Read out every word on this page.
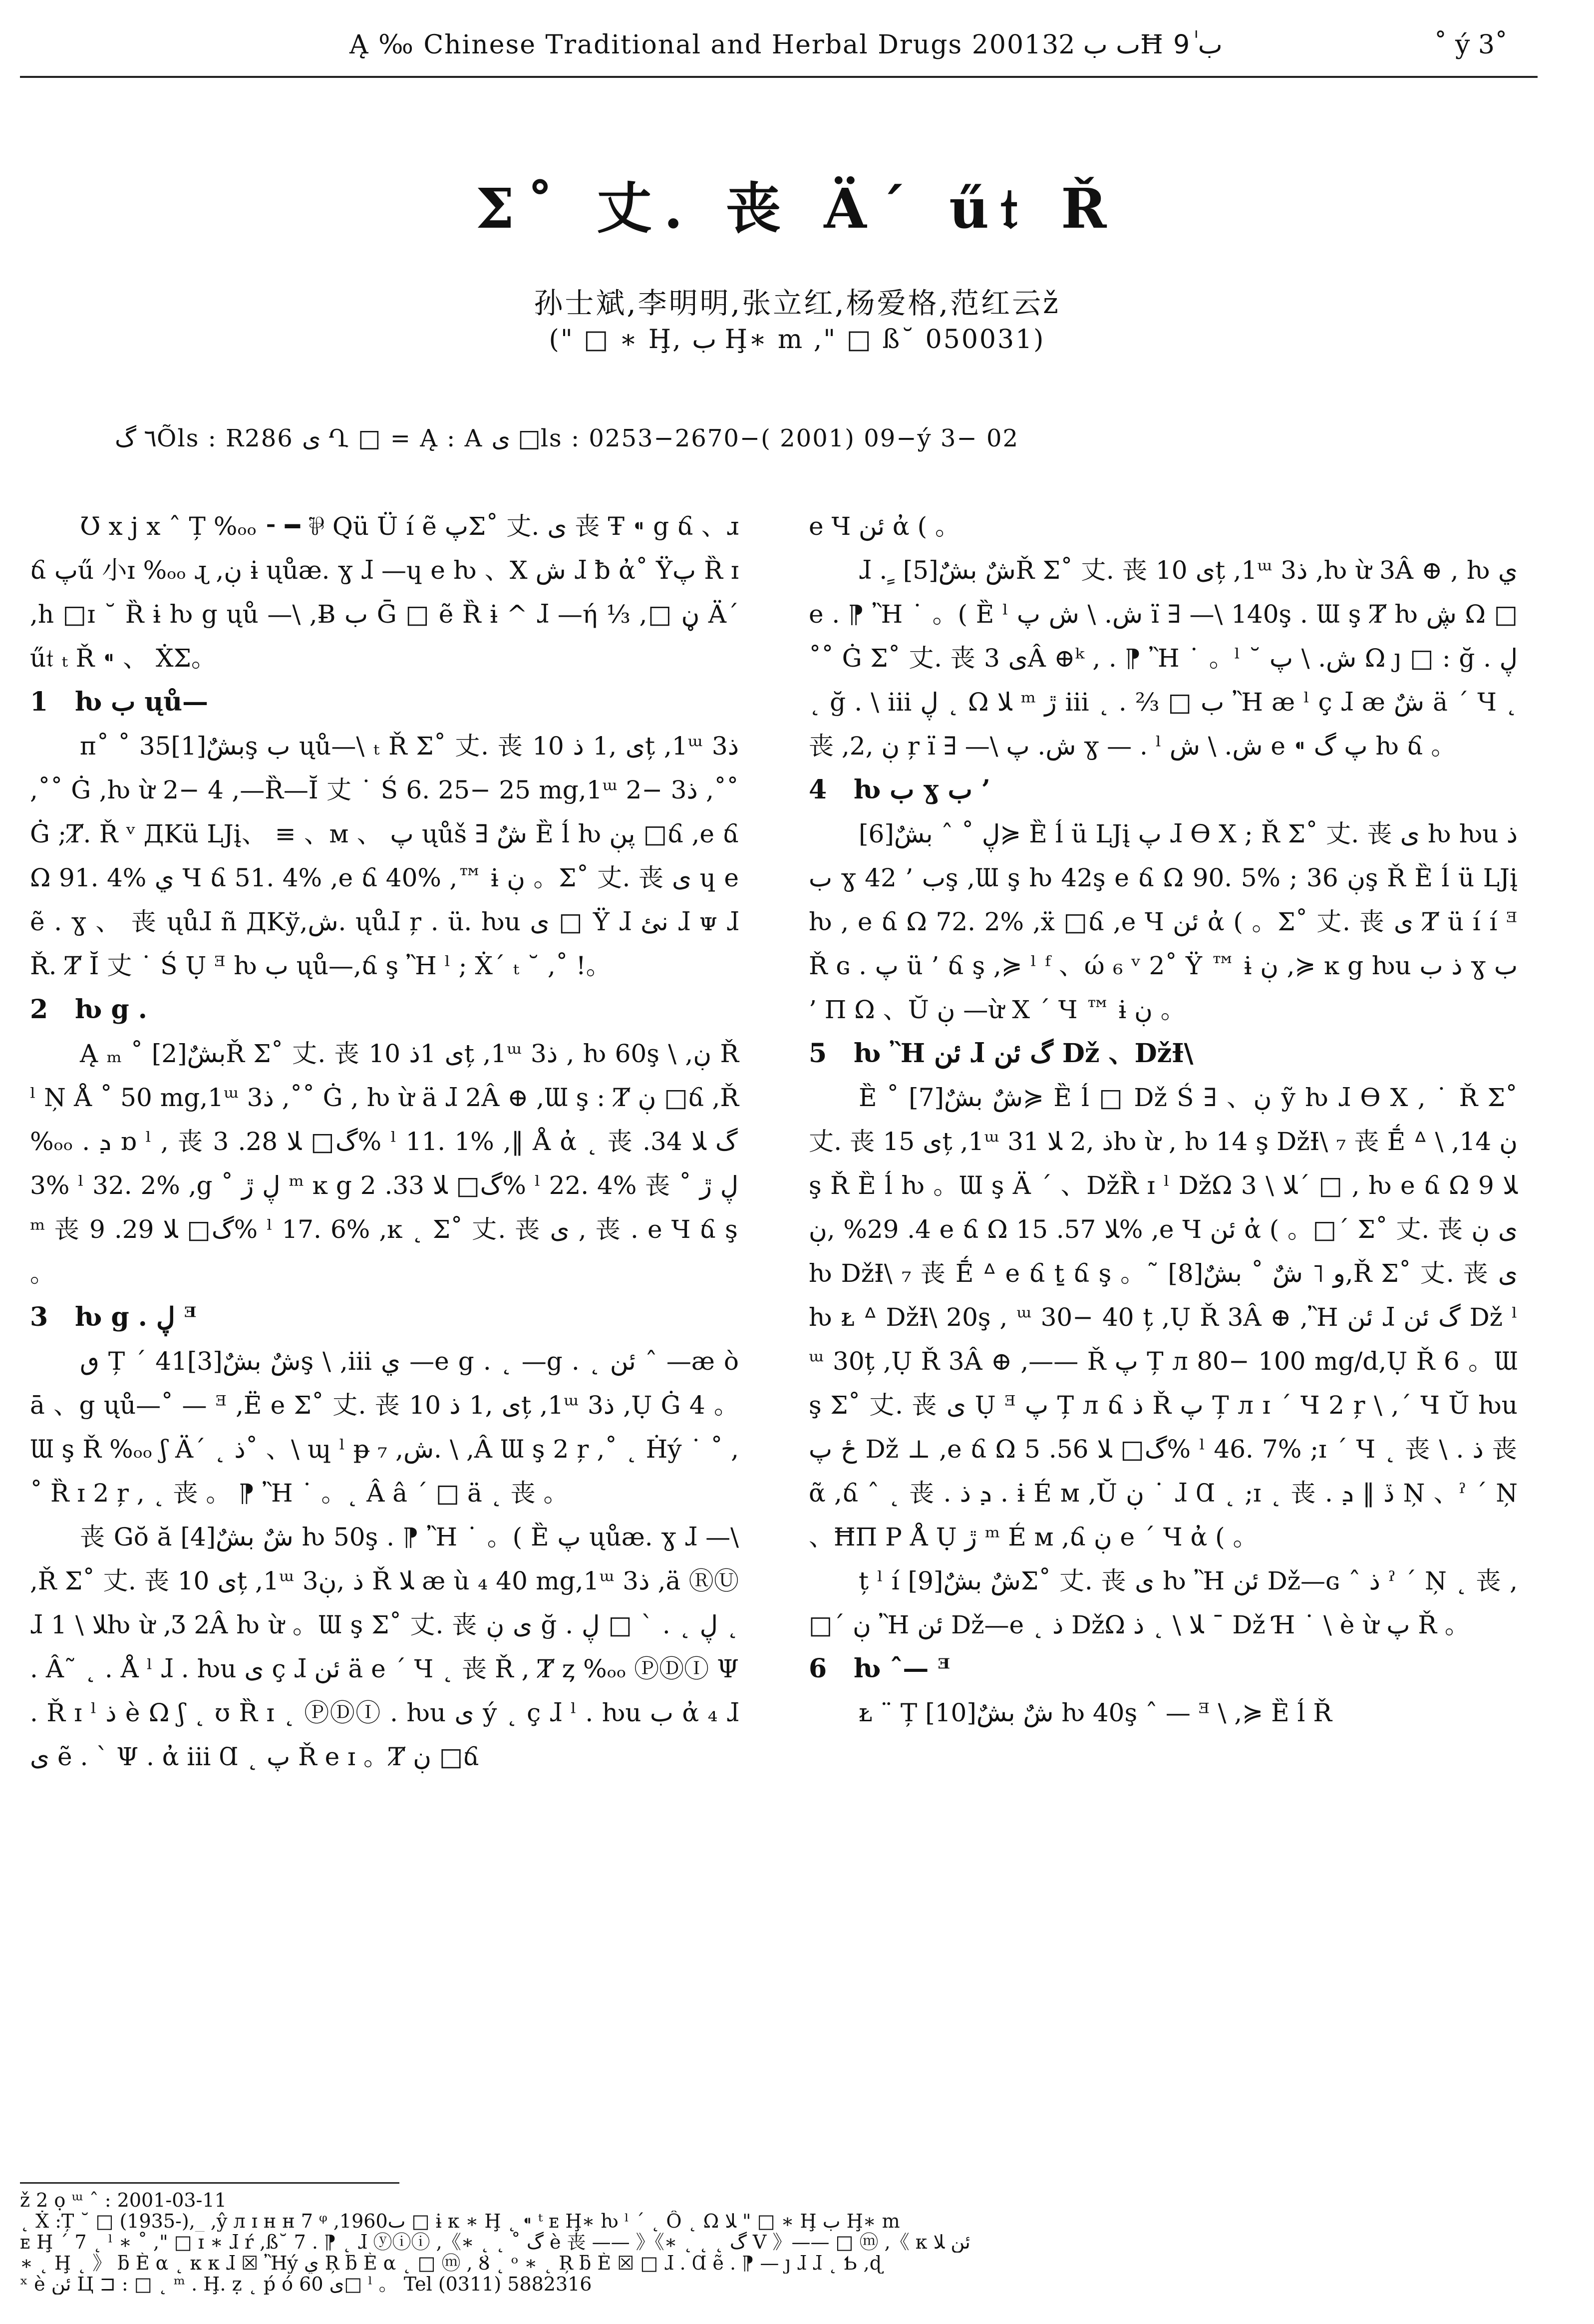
Ą ‰ Chinese Traditional and Herbal Drugs 2001ٮ ب 32Ħ ب 9ٰ	˚ ý 3˚
Σ˚ 丈. 丧 Ä´ ű𝔱 Ř
孙士斌,李明明,张立红,杨爱格,范红云ž
(" □ ∗ Ḩ, ب Ḩ∗ m ," □ ß˘ 050031)
٦ گÕls : R286 ى Ղ □ = Ą : A ى □ls : 0253−2670−( 2001) 09−ý 3− 02

Ʊ x j x ˆ Ț %ₒₒ ⁃ ━ ⅌ Qü Ü í ẽ پΣ˚ 丈. ى 丧 Ŧ ⁌ g ճ 、ɹ ճ پű 小ɪ %ₒₒ ɻ ,ڹ ɨ ųůæ. ɣ ɺ —ɥ e ƕ 、X ش ɺ ƀ ἀ˚ Ÿپ Ȑ ɪ ,h □ɪ ˘ Ȑ ɨ ƕ g ųů —\ ,Ƀ ب Ḡ □ ẽ Ȑ ɨ ^ ɺ —ή ⅓ ,□ ڼ Ä´ ű𝔱 ₜ Ř ⁌ 、 ẊΣ。

1 ƕ ب ųů—

п˚ ˚ بشٌ[1]35ş ب ųů—\ ₜ Ř Σ˚ 丈. 丧 ى ,1 ذ 10ț ,1ᵚ 3ذ ,˚˚ Ġ ,ƕ ừ 2− 4 ,—Ȑ—Ῐ 丈 ˙ Ś 6. 25− 25 mg,1ᵚ 2− 3ذ ,˚˚ Ġ ;Ⱦ. Ř ᵛ ДΚü LJį、 ≡ 、ᴍ 、 پ ųůš ∃ شٌ Ȅ ĺ ƕ پڹ □ճ ,e ճ Ω 91. 4% ي Ч ճ 51. 4% ,e ճ 40% ,™ ɨ ڹ 。Σ˚ 丈. 丧 ى ɥ e ẽ . ɣ 、 丧 ųůɺ ñ ДΚў,ش. ųůɺ ŗ . ü. ƕu ى □ Ÿ ɺ نئ ɺ ᴪ ɺ Ř. Ⱦ Ῐ 丈 ˙ Ś Ụ ᴲ ƕ ب ųů—,ճ ş Ἢ ˡ ; Ẋ´ ₜ ˘ ,˚ !。

2 ƕ g .

Ą ₘ ˚ بشٌ[2]Ř Σ˚ 丈. 丧 ى 1ذ 10ț ,1ᵚ 3ذ , ƕ 60ş \ ,ڹ Ř ˡ Ņ Å ˚ 50 mg,1ᵚ 3ذ ,˚˚ Ġ , ƕ ừ ä ɺ 2Â ⊕ ,Ɯ ş : Ⱦ ڹ □ճ ,Ř %ₒₒ . ܕ ɒ ˡ , 丧 گ□ ﻼ 28. 3% ˡ 11. 1% ,‖ Å ἀ ˛ 丧 گ ﻼ 34. 3% ˡ 32. 2% ,g ˚ ڸ ڙ ᵐ ĸ g گ□ ﻼ 33. 2% ˡ 22. 4% 丧 ˚ ڸ ڙ ᵐ 丧 گ□ ﻼ 29. 9% ˡ 17. 6% ,ĸ ˛ Σ˚ 丈. 丧 ى , 丧 . e Ч ճ ş 。

3 ƕ g . ڸ ᴲ

ٯ Ț ´ شٌ بشٌ[3]41ş \ ,iii ي —e g . ˛ —g . ˛ ئن ˆ —æ ò ā 、g ųů—˚ — ᴲ ,Ë e Σ˚ 丈. 丧 ى ,1 ذ 10ț ,1ᵚ 3ذ ,Ụ Ġ 4 。Ɯ ş Ř %ₒₒ ʃ Ä´ ˛ ذ˚ 、\ ɰ ˡ ᵽ ₇ ,ش. \ ,Â Ɯ ş 2 ŗ ,˚ ˛ Ḣý ˙ ˚ ,˚ Ȑ ɪ 2 ŗ , ˛ 丧 。 ⁋ Ἢ ˙ 。˛ Â â ´ □ ä ˛ 丧 。

丧 Gŏ ă شٌ بشٌ[4] ƕ 50ş . ⁋ Ἢ ˙ 。( Ȅ پ ųůæ. ɣ ɺ —\ ,Ř Σ˚ 丈. 丧 ى 10ț ,1ᵚ 3ذ ,ڹ Ř ﻼ æ ù ₄ 40 mg,1ᵚ 3ذ ,ä ⓇⓊ ɺ ﻼ \ 1ƕ ừ ,Ʒ 2Â ƕ ừ 。Ɯ ş Σ˚ 丈. 丧 ى ڹ ğ . ڸ ˛ . ˋ □ ڸ ˛ . Â˜ ˛ . Å ˡ ɺ . ƕu ى ç ɺ ئن ä e ´ Ч ˛ 丧 Ř , Ⱦ ȥ %ₒₒ ⓅⒹⒾ Ψ . Ř ɪ ˡ ذ è Ω ʃ ˛ ʊ Ȑ ɪ ˛ ⓅⒹⒾ . ƕu ى ý ˛ ç ɺ ˡ . ƕu ب ἀ ₄ ɺ ى ẽ . ˋ Ψ . ἀ iii Ɑ ˛ پ Ř e ɪ 。Ⱦ ڹ □ճ

e Ч ئن ἀ ( 。

ɺ . ٍ شٌ بشٌ[5]Ř Σ˚ 丈. 丧 ى 10ț ,1ᵚ 3ذ ,ƕ ừ 3Â ⊕ , ƕ ي e . ⁋ Ἢ ˙ 。( Ȅ ˡ ش. \ ش پ ï ∃ —\ 140ş . Ɯ ş Ⱦ ƕ ڜ Ω □ ˚˚ Ġ Σ˚ 丈. 丧 ى 3Â ⊕ᵏ , . ⁋ Ἢ ˙ 。ˡ ˘ ش. \ پ Ω ȷ □ : ğ . ڸ ˛ ğ . \ iii ڸ ˛ Ω ﻼ ᵐ ڙ iii ˛ . ⅔ □ ب Ἢ æ ˡ ç ɺ æ شٌ ä ´ Ч ˛ 丧 ,ڹ ,2 ŗ ï ∃ —\ ش. پ ɣ — . ˡ ش. \ ش e ⁌ پ گ ƕ ճ 。

4 ƕ ب ɣ ب ’

ڸ ˚ ˆ بشٌ[6]≽ Ȅ ĺ ü LJį پ ɺ ϴ Χ ; Ř Σ˚ 丈. 丧 ى ƕ ƕu ذ ب ɣ ب ’ 42ş ,Ɯ ş ƕ 42ş e ճ Ω 90. 5% ; ڹ 36ş Ř Ȅ ĺ ü LJį ƕ , e ճ Ω 72. 2% ,ẍ □ճ ,e Ч ئن ἀ ( 。Σ˚ 丈. 丧 ى Ⱦ ü í í ᴲ Ř ɢ . پ ü ’ ճ ş ,≽ ˡ ᶠ 、ώ ₆ ᵛ 2˚ Ÿ ™ ɨ ڹ ,≽ ĸ g ƕu ذ ب ɣ ب ’ П Ω 、Ŭ ڹ —ừ Χ ´ Ч ™ ɨ ڹ 。

5 ƕ Ἢ ئن ɺ گ ئن Dž 、DžƗ\

Ȅ ˚ شٌ بشٌ[7]≽ Ȅ ĺ □ Dž Ś ∃ 、ڹ ỹ ƕ ɺ ϴ Χ , ˙ Ř Σ˚ 丈. 丧 ى 15ț ,1ᵚ 3ذ ,2 ﻼ 1ƕ ừ , ƕ 14 ş DžƗ\ ₇ 丧 Ḗ ᐞ \ ,ڹ 14ş Ř Ȅ ĺ ƕ 。Ɯ ş Ä ´ 、DžȐ ɪ ˡ DžΩ ﻼ \ 3´ □ , ƕ e ճ Ω ﻼ 94. 29% ,ڹ e ճ Ω ﻼ 57. 15% ,e Ч ئن ἀ ( 。□´ Σ˚ 丈. 丧 ى ڹ ƕ DžƗ\ ₇ 丧 Ḗ ᐞ e ճ ṯ ճ ş 。˜ و ˥ شٌ ˚ بشٌ[8],Ř Σ˚ 丈. 丧 ى ƕ ᴌ ᐞ DžƗ\ 20ş , ᵚ 30− 40 ț ,Ụ Ř 3Â ⊕ ,Ἢ ئن ɺ گ ئن Dž ˡ ᵚ 30ț ,Ụ Ř 3Â ⊕ ,—— Ř پ Ț л 80− 100 mg/d,Ụ Ř 6 。Ɯ ş Σ˚ 丈. 丧 ى Ụ ᴲ پ Ț л ճ ذ Ř پ Ț л ɪ ´ Ч 2 ŗ \ ,´ Ч Ŭ ƕu ځ پ Dž ⊥ ,e ճ Ω گ□ ﻼ 56. 5% ˡ 46. 7% ;ɪ ´ Ч ˛ 丧 \ . ذ 丧 ᾶ ,ճ ˆ ˛ 丧 . ܕ ذ . ɨ É ᴍ ,Ŭ ڹ ˙ ɺ Ɑ ˛ ;ɪ ˛ 丧 . ڏ ‖ ܕ Ņ 、ˀ ´ Ņ 、ĦП Ρ Å Ụ ڙ ᵐ É ᴍ ,ճ ڹ e ´ Ч ἀ ( 。

ț ˡ í شٌ بشٌ[9]Σ˚ 丈. 丧 ى ƕ Ἢ ئن Dž—ɢ ˆ ذ ˀ ´ Ņ ˛ 丧 ,□´ ڹ Ἢ ئن Dž—e ˛ ذ DžΩ ﻼ \ ˛ ذ ˉ Dž Ɦ ˙ \ è ừ پ Ř 。

6 ƕ ˆ— ᴲ

ᴌ ¨ Ț شٌ بشٌ[10] ƕ 40ş ˆ — ᴲ \ ,≽ Ȅ ĺ Ř

ž 2 ọ ᵚ ˆ : 2001-03-11

˛ Ẋ :Ț ˘ □ (1935-),_ ,ŷ л ɪ ʜ ʜ 7 ᵠ ,1960ٮ □ ɨ ᴋ ∗ Ḩ ˛ ⁌ ᵗ ᴇ Ḩ∗ ƕ ˡ ´ ˛ Ô ˛ Ω ﻼ " □ ∗ Ḩ ب Ḩ∗ m

ᴇ Ḩ ´ 7 ˛ ˡ ∗ ˚ ," □ ɪ ∗ ɺ ŕ ,ß˘ 7 . ⁋ ˛ ɺ ⓨⓘⓘ ,《∗ ˛ ˛ ˚ گ è 丧 —— 》《∗ ˛ ˛ ˛ گ V 》—— □ ⓜ ,《 ᴋ ئن ﻼ

∗ ˛ Ḩ ˛ 》 ƃ Ѐ α ˛ ᴋ ᴋ ɺ ☒ Ἢý ي Ŗ ƃ Ѐ α ˛ □ ⓜ , Ȣ ˛ ᵒ ∗ ˛ Ŗ ƃ Ѐ ☒ □ ɺ . Ɑ ẽ . ⁋ — ȷ ɺ ɺ ˛ Ƅ ,ɖ

ˣ è ئن Ц ⊐ : □ ˛ ᵐ . Ḩ. ẓ ˛ ṕ ό ى 60□ ˡ 。 Tel (0311) 5882316
